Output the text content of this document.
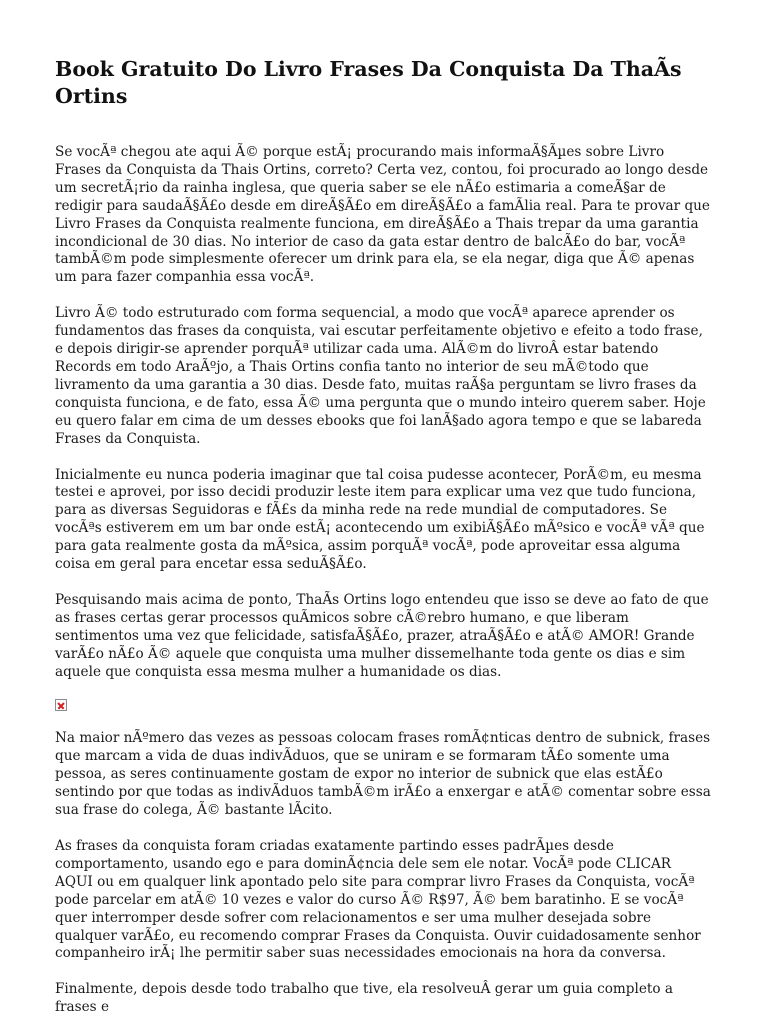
Book Gratuito Do Livro Frases Da Conquista Da ThaÃs Ortins

Se vocÃª chegou ate aqui Ã© porque estÃ¡ procurando mais informaÃ§Ãµes sobre Livro Frases da Conquista da Thais Ortins, correto? Certa vez, contou, foi procurado ao longo desde um secretÃ¡rio da rainha inglesa, que queria saber se ele nÃ£o estimaria a comeÃ§ar de redigir para saudaÃ§Ã£o desde em direÃ§Ã£o em direÃ§Ã£o a famÃlia real. Para te provar que Livro Frases da Conquista realmente funciona, em direÃ§Ã£o a Thais trepar da uma garantia incondicional de 30 dias. No interior de caso da gata estar dentro de balcÃ£o do bar, vocÃª tambÃ©m pode simplesmente oferecer um drink para ela, se ela negar, diga que Ã© apenas um para fazer companhia essa vocÃª.

Livro Ã© todo estruturado com forma sequencial, a modo que vocÃª aparece aprender os fundamentos das frases da conquista, vai escutar perfeitamente objetivo e efeito a todo frase, e depois dirigir-se aprender porquÃª utilizar cada uma. AlÃ©m do livroÂ estar batendo Records em todo AraÃºjo, a Thais Ortins confia tanto no interior de seu mÃ©todo que livramento da uma garantia a 30 dias. Desde fato, muitas raÃ§a perguntam se livro frases da conquista funciona, e de fato, essa Ã© uma pergunta que o mundo inteiro querem saber. Hoje eu quero falar em cima de um desses ebooks que foi lanÃ§ado agora tempo e que se labareda Frases da Conquista.

Inicialmente eu nunca poderia imaginar que tal coisa pudesse acontecer, PorÃ©m, eu mesma testei e aprovei, por isso decidi produzir leste item para explicar uma vez que tudo funciona, para as diversas Seguidoras e fÃ£s da minha rede na rede mundial de computadores. Se vocÃªs estiverem em um bar onde estÃ¡ acontecendo um exibiÃ§Ã£o mÃºsico e vocÃª vÃª que para gata realmente gosta da mÃºsica, assim porquÃª vocÃª, pode aproveitar essa alguma coisa em geral para encetar essa seduÃ§Ã£o.

Pesquisando mais acima de ponto, ThaÃs Ortins logo entendeu que isso se deve ao fato de que as frases certas gerar processos quÃmicos sobre cÃ©rebro humano, e que liberam sentimentos uma vez que felicidade, satisfaÃ§Ã£o, prazer, atraÃ§Ã£o e atÃ© AMOR! Grande varÃ£o nÃ£o Ã© aquele que conquista uma mulher dissemelhante toda gente os dias e sim aquele que conquista essa mesma mulher a humanidade os dias.

Na maior nÃºmero das vezes as pessoas colocam frases romÃ¢nticas dentro de subnick, frases que marcam a vida de duas indivÃduos, que se uniram e se formaram tÃ£o somente uma pessoa, as seres continuamente gostam de expor no interior de subnick que elas estÃ£o sentindo por que todas as indivÃduos tambÃ©m irÃ£o a enxergar e atÃ© comentar sobre essa sua frase do colega, Ã© bastante lÃcito.

As frases da conquista foram criadas exatamente partindo esses padrÃµes desde comportamento, usando ego e para dominÃ¢ncia dele sem ele notar. VocÃª pode CLICAR AQUI ou em qualquer link apontado pelo site para comprar livro Frases da Conquista, vocÃª pode parcelar em atÃ© 10 vezes e valor do curso Ã© R$97, Ã© bem baratinho. E se vocÃª quer interromper desde sofrer com relacionamentos e ser uma mulher desejada sobre qualquer varÃ£o, eu recomendo comprar Frases da Conquista. Ouvir cuidadosamente senhor companheiro irÃ¡ lhe permitir saber suas necessidades emocionais na hora da conversa.

Finalmente, depois desde todo trabalho que tive, ela resolveuÂ gerar um guia completo a frases e
